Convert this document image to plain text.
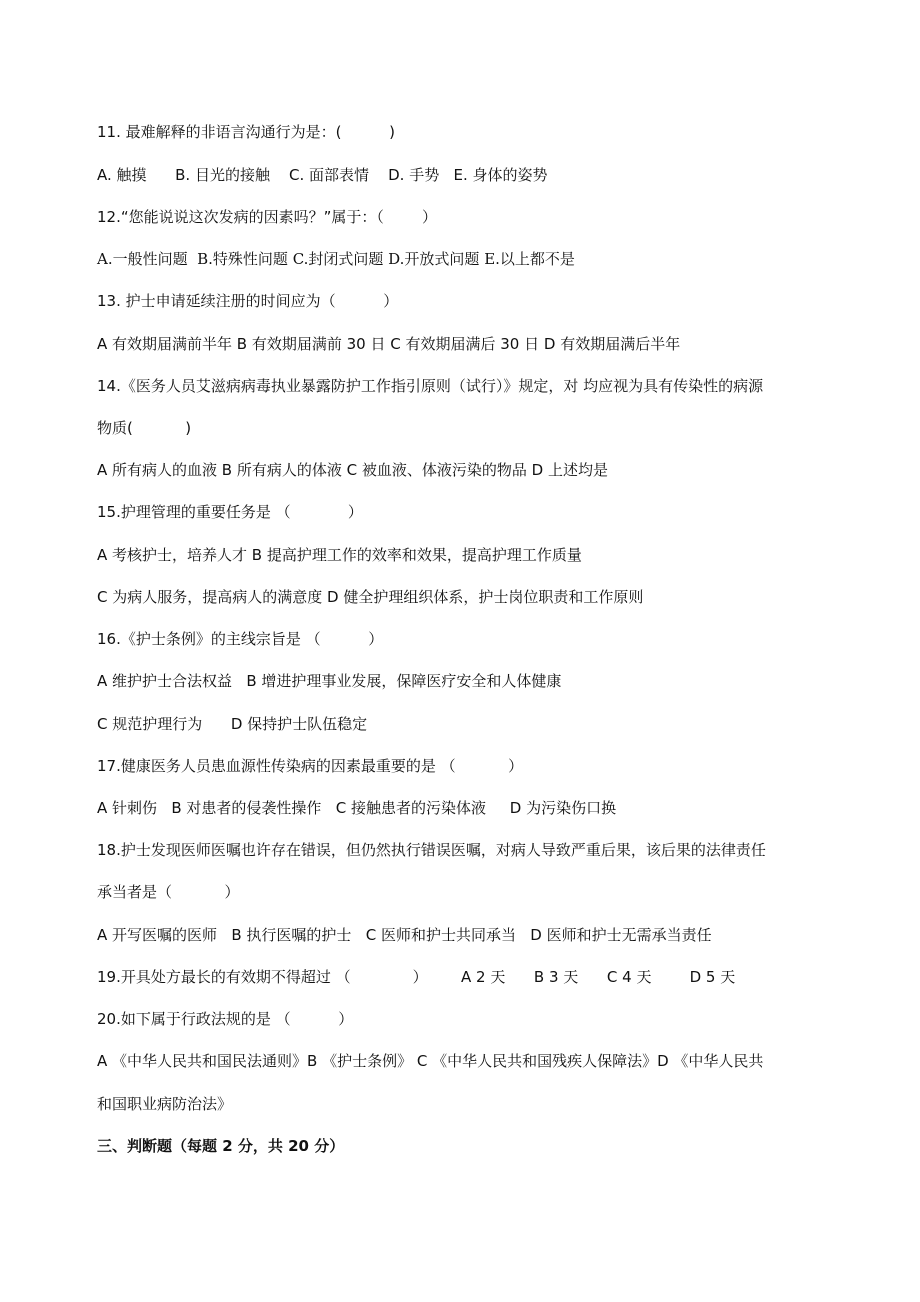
11. 最难解释的非语言沟通行为是：(          )
A. 触摸      B. 目光的接触    C. 面部表情    D. 手势   E. 身体的姿势
12.“您能说说这次发病的因素吗？”属于：（        ）
A.一般性问题  B.特殊性问题 C.封闭式问题 D.开放式问题 E.以上都不是
13. 护士申请延续注册的时间应为（          ）
A 有效期届满前半年 B 有效期届满前 30 日 C 有效期届满后 30 日 D 有效期届满后半年
14.《医务人员艾滋病病毒执业暴露防护工作指引原则（试行）》规定，对 均应视为具有传染性的病源
物质(           )
A 所有病人的血液 B 所有病人的体液 C 被血液、体液污染的物品 D 上述均是
15.护理管理的重要任务是 （            ）
A 考核护士，培养人才 B 提高护理工作的效率和效果，提高护理工作质量
C 为病人服务，提高病人的满意度 D 健全护理组织体系，护士岗位职责和工作原则
16.《护士条例》的主线宗旨是 （          ）
A 维护护士合法权益   B 增进护理事业发展，保障医疗安全和人体健康
C 规范护理行为      D 保持护士队伍稳定
17.健康医务人员患血源性传染病的因素最重要的是 （           ）
A 针刺伤   B 对患者的侵袭性操作   C 接触患者的污染体液     D 为污染伤口换
18.护士发现医师医嘱也许存在错误，但仍然执行错误医嘱，对病人导致严重后果，该后果的法律责任
承当者是（           ）
A 开写医嘱的医师   B 执行医嘱的护士   C 医师和护士共同承当   D 医师和护士无需承当责任
19.开具处方最长的有效期不得超过 （             ）       A 2 天      B 3 天      C 4 天        D 5 天
20.如下属于行政法规的是 （          ）
A 《中华人民共和国民法通则》B 《护士条例》 C 《中华人民共和国残疾人保障法》D 《中华人民共
和国职业病防治法》
三、判断题（每题 2 分，共 20 分）
